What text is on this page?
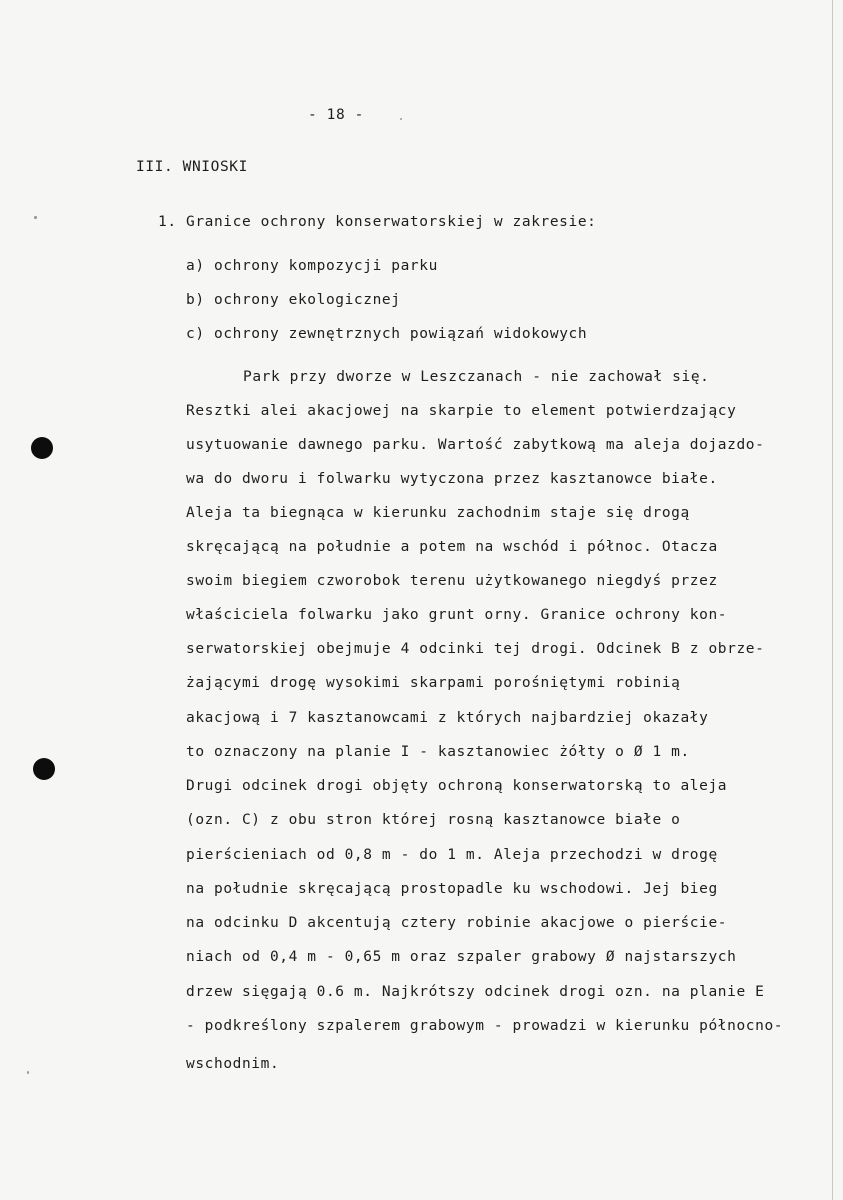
- 18 -
III. WNIOSKI
1. Granice ochrony konserwatorskiej w zakresie:
a) ochrony kompozycji parku
b) ochrony ekologicznej
c) ochrony zewnętrznych powiązań widokowych
Park przy dworze w Leszczanach - nie zachował się.
Resztki alei akacjowej na skarpie to element potwierdzający
usytuowanie dawnego parku. Wartość zabytkową ma aleja dojazdo-
wa do dworu i folwarku wytyczona przez kasztanowce białe.
Aleja ta biegnąca w kierunku zachodnim staje się drogą
skręcającą na południe a potem na wschód i północ. Otacza
swoim biegiem czworobok terenu użytkowanego niegdyś przez
właściciela folwarku jako grunt orny. Granice ochrony kon-
serwatorskiej obejmuje 4 odcinki tej drogi. Odcinek B z obrze-
żającymi drogę wysokimi skarpami porośniętymi robinią
akacjową i 7 kasztanowcami z których najbardziej okazały
to oznaczony na planie I - kasztanowiec żółty o Ø 1 m.
Drugi odcinek drogi objęty ochroną konserwatorską to aleja
(ozn. C) z obu stron której rosną kasztanowce białe o
pierścieniach od 0,8 m - do 1 m. Aleja przechodzi w drogę
na południe skręcającą prostopadle ku wschodowi. Jej bieg
na odcinku D akcentują cztery robinie akacjowe o pierście-
niach od 0,4 m - 0,65 m oraz szpaler grabowy Ø najstarszych
drzew sięgają 0.6 m. Najkrótszy odcinek drogi ozn. na planie E
- podkreślony szpalerem grabowym - prowadzi w kierunku północno-
wschodnim.
